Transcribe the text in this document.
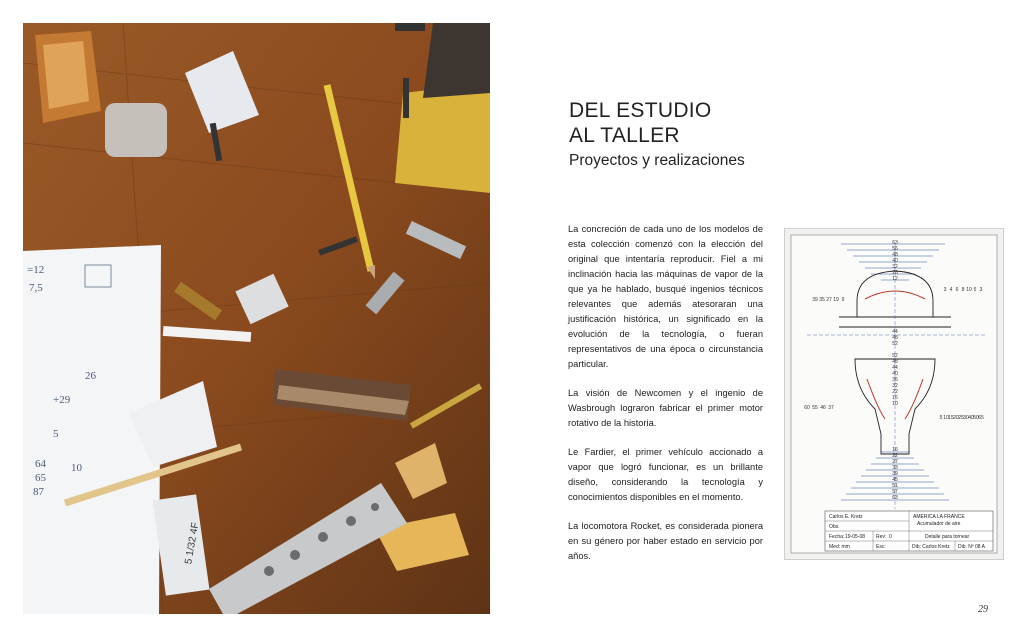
=12
7,5
26
+29
5
64
65
87
10
5 1/32 4F
DEL ESTUDIO
AL TALLER
Proyectos y realizaciones

La concreción de cada uno de los modelos de esta colección comenzó con la elección del original que intentaría reproducir. Fiel a mi inclinación hacia las máquinas de vapor de la que ya he hablado, busqué ingenios técnicos relevantes que además atesoraran una justificación histórica, un significado en la evolución de la tecnología, o fueran representativos de una época o circunstancia particular.

La visión de Newcomen y el ingenio de Wasbrough lograron fabricar el primer motor rotativo de la historia.

Le Fardier, el primer vehículo accionado a vapor que logró funcionar, es un brillante diseño, considerando la tecnología y conocimientos disponibles en el momento.

La locomotora Rocket, es considerada pionera en su género por haber estado en servicio por años.

63
56
48
40
32
26
12
44
48
52
52
48
44
40
36
32
22
16
10
16
22
27
33
39
45
51
57
63
39 35 27 19 9
3 4 6 8 10 5 3
60 55 46 37
5 10 15 20 25 30 40 50 65
Carlos E. Kretz
Obs.
Fecha: 19-05-08 Rev: 0
Med: mm	Esc:	Dib: Carlos Kretz Dib. Nº 08 A
AMERICA LA FRANCE
Acumulador de aire
Detalle para tornear
29
